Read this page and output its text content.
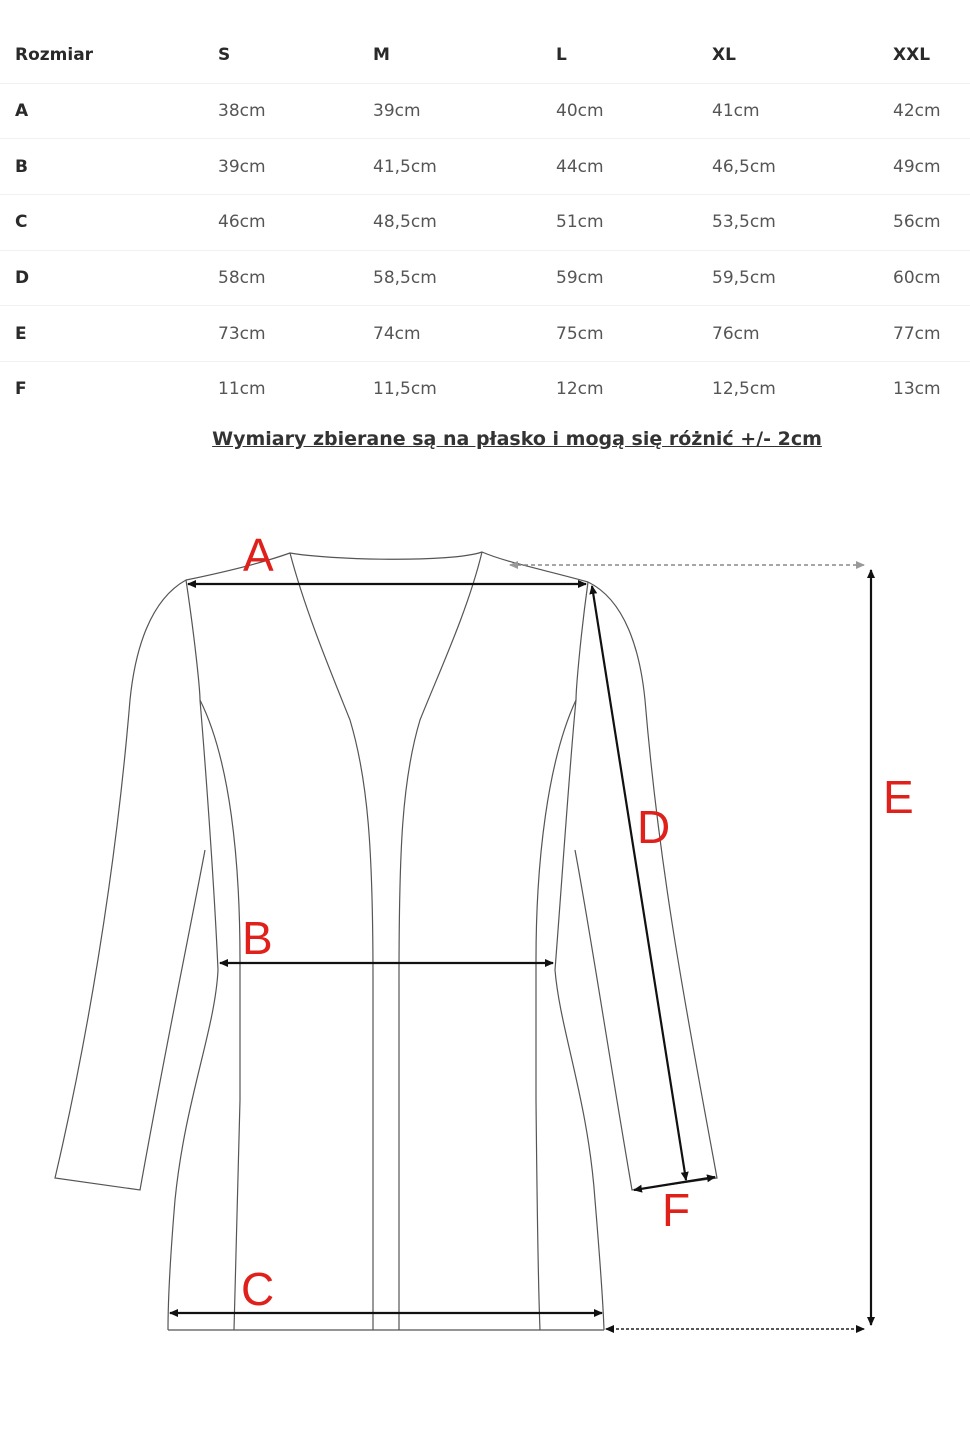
Rozmiar	S	M	L	XL	XXL
A	38cm	39cm	40cm	41cm	42cm
B	39cm	41,5cm	44cm	46,5cm	49cm
C	46cm	48,5cm	51cm	53,5cm	56cm
D	58cm	58,5cm	59cm	59,5cm	60cm
E	73cm	74cm	75cm	76cm	77cm
F	11cm	11,5cm	12cm	12,5cm	13cm
Wymiary zbierane są na płasko i mogą się różnić +/- 2cm
A
B
C
D
E
F
